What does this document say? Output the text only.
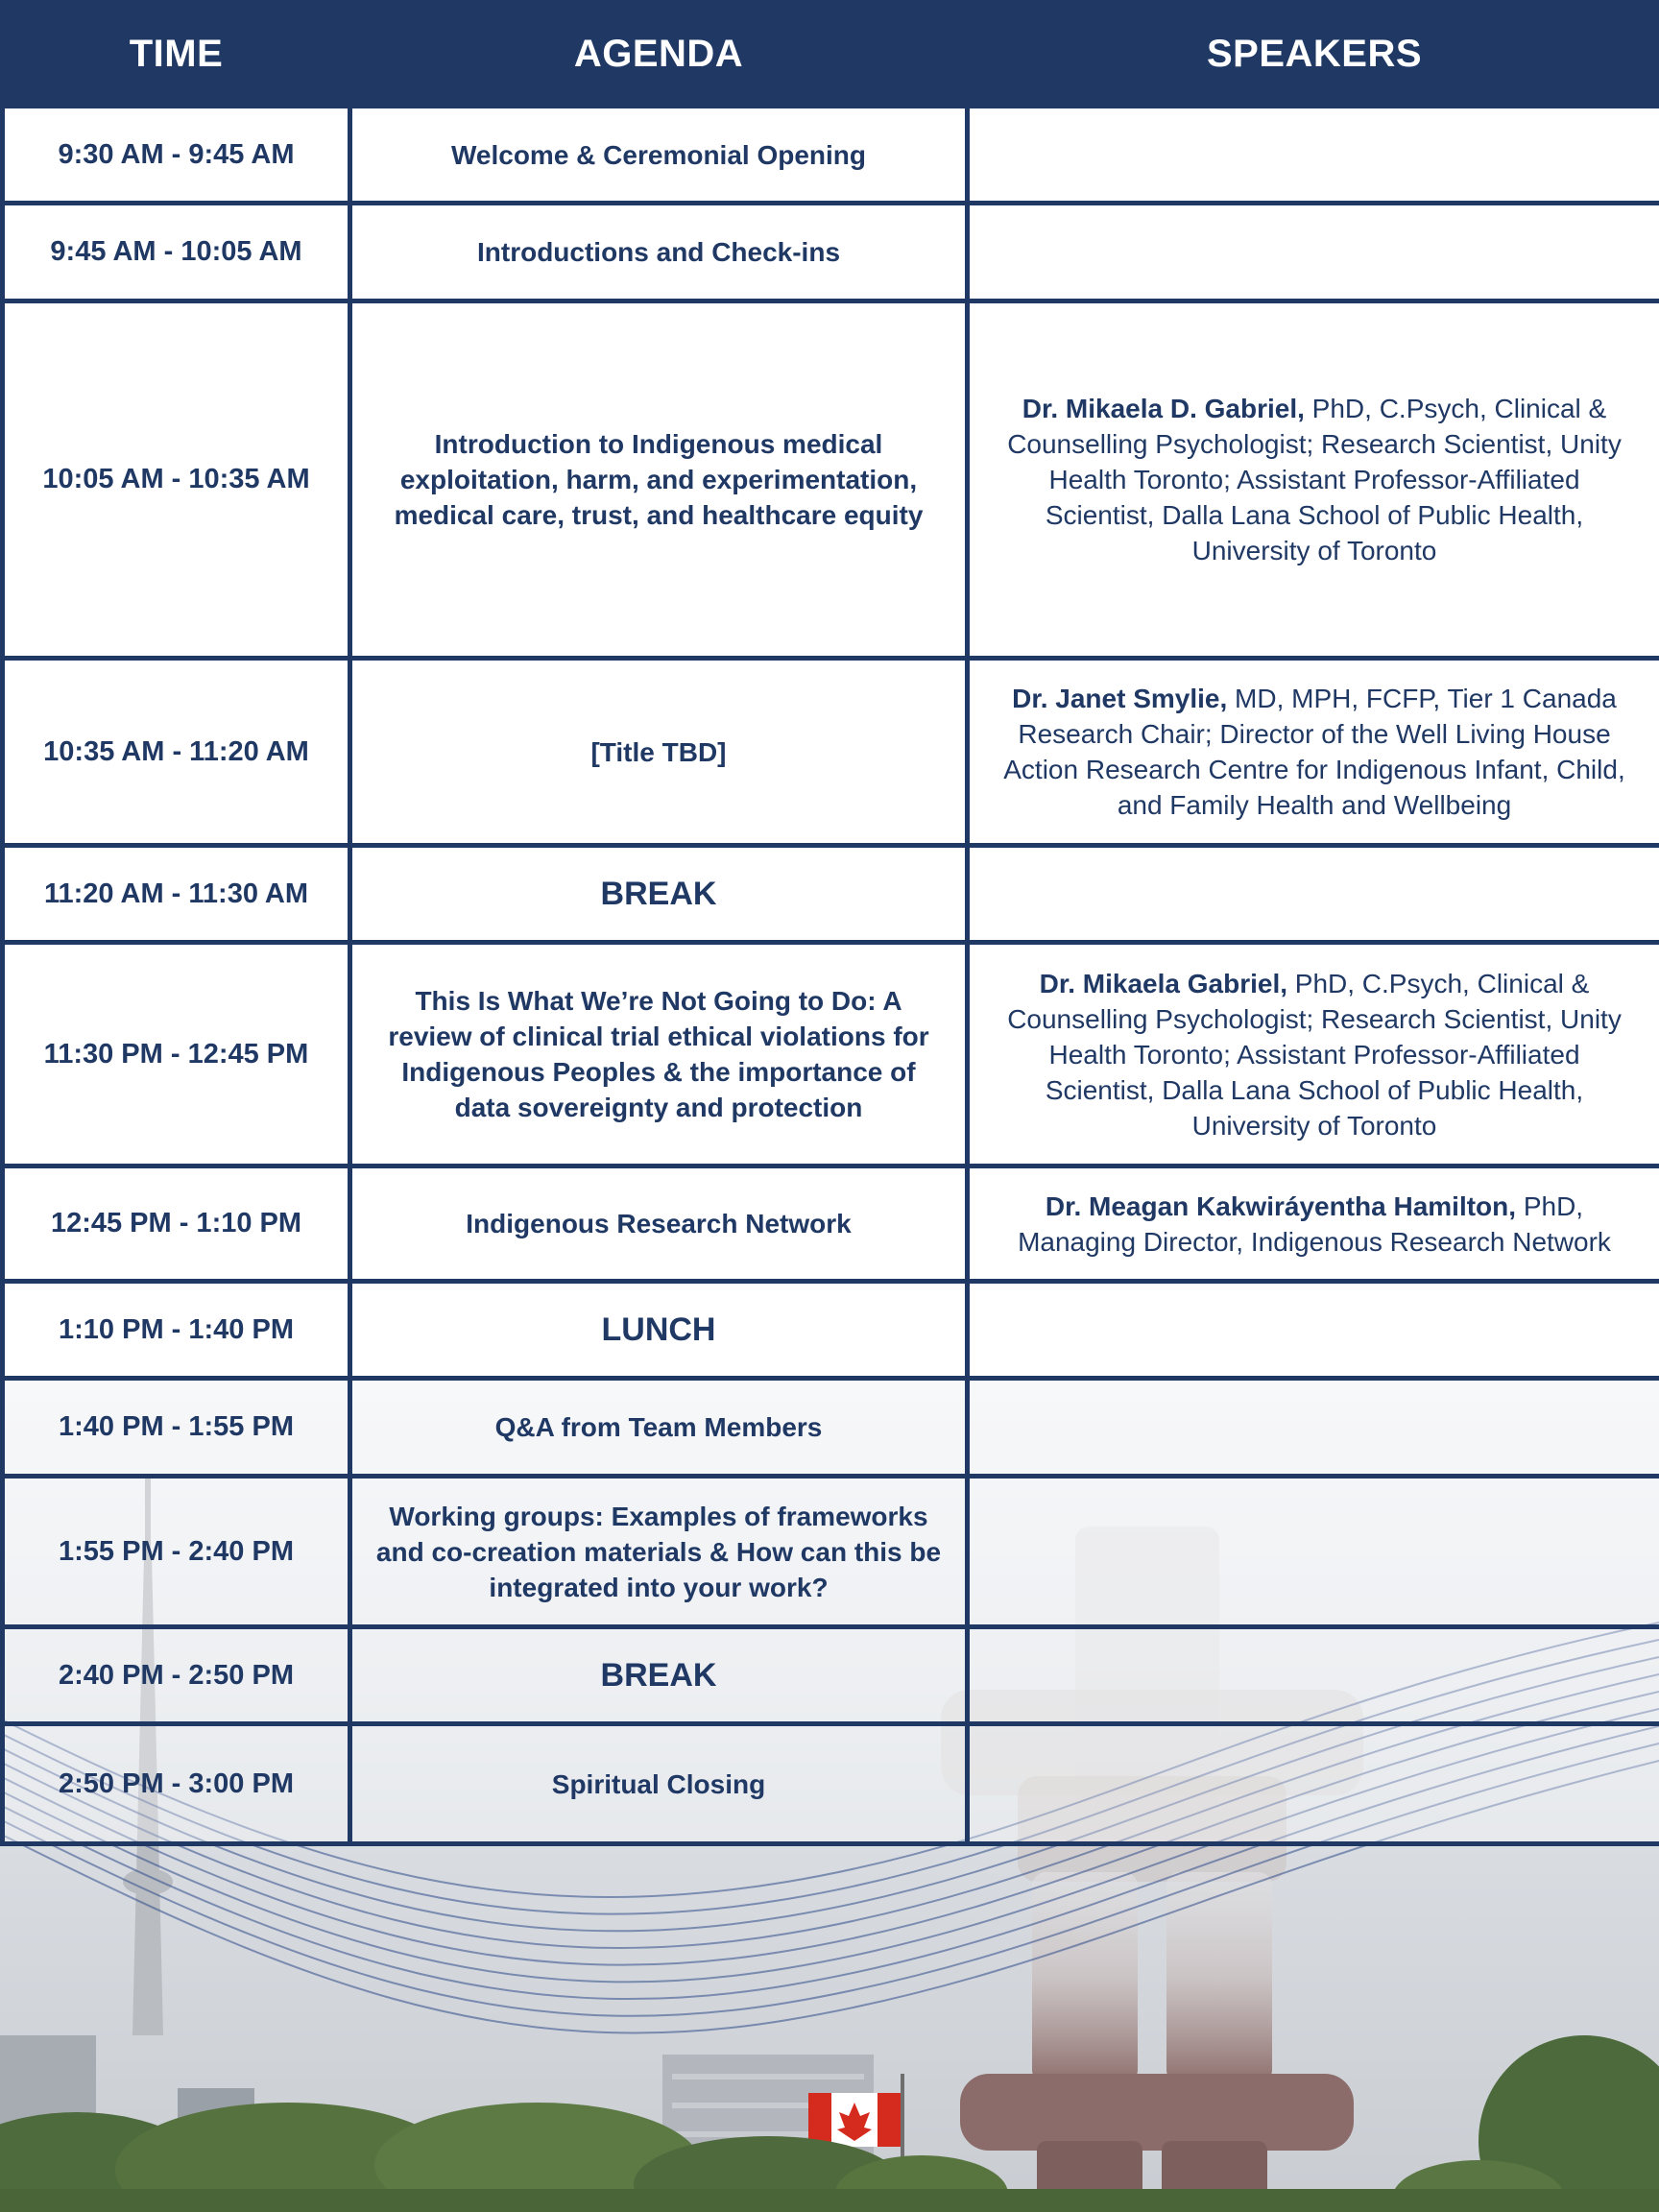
TIME	AGENDA	SPEAKERS
9:30 AM - 9:45 AM	Welcome & Ceremonial Opening	
9:45 AM - 10:05 AM	Introductions and Check-ins	
10:05 AM - 10:35 AM	Introduction to Indigenous medical exploitation, harm, and experimentation, medical care, trust, and healthcare equity	Dr. Mikaela D. Gabriel, PhD, C.Psych, Clinical & Counselling Psychologist; Research Scientist, Unity Health Toronto; Assistant Professor-Affiliated Scientist, Dalla Lana School of Public Health, University of Toronto
10:35 AM - 11:20 AM	[Title TBD]	Dr. Janet Smylie, MD, MPH, FCFP, Tier 1 Canada Research Chair; Director of the Well Living House Action Research Centre for Indigenous Infant, Child, and Family Health and Wellbeing
11:20 AM - 11:30 AM	BREAK	
11:30 PM - 12:45 PM	This Is What We’re Not Going to Do: A review of clinical trial ethical violations for Indigenous Peoples & the importance of data sovereignty and protection	Dr. Mikaela Gabriel, PhD, C.Psych, Clinical & Counselling Psychologist; Research Scientist, Unity Health Toronto; Assistant Professor-Affiliated Scientist, Dalla Lana School of Public Health, University of Toronto
12:45 PM - 1:10 PM	Indigenous Research Network	Dr. Meagan Kakwiráyentha Hamilton, PhD, Managing Director, Indigenous Research Network
1:10 PM - 1:40 PM	LUNCH	
1:40 PM - 1:55 PM	Q&A from Team Members	
1:55 PM - 2:40 PM	Working groups: Examples of frameworks and co-creation materials & How can this be integrated into your work?	
2:40 PM - 2:50 PM	BREAK	
2:50 PM - 3:00 PM	Spiritual Closing	
